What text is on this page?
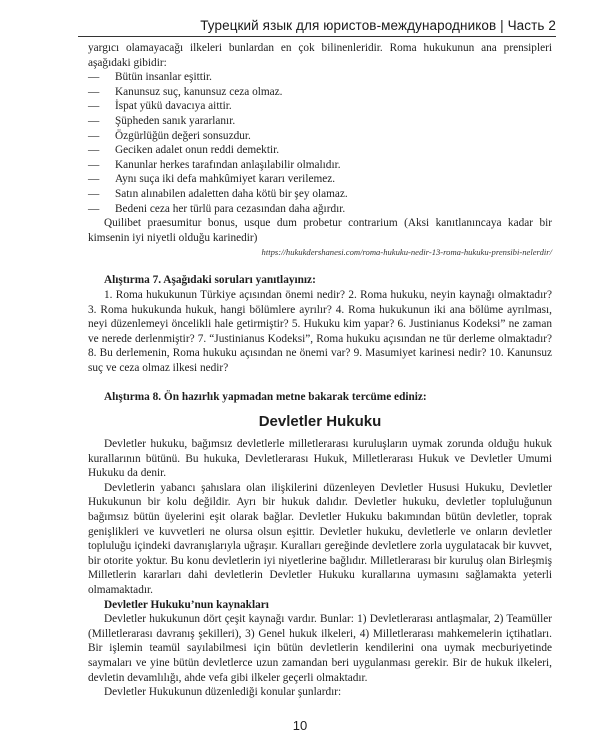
Турецкий язык для юристов-международников | Часть 2

yargıcı olamayacağı ilkeleri bunlardan en çok bilinenleridir. Roma hukukunun ana prensipleri aşağıdaki gibidir:

— Bütün insanlar eşittir.
— Kanunsuz suç, kanunsuz ceza olmaz.
— İspat yükü davacıya aittir.
— Şüpheden sanık yararlanır.
— Özgürlüğün değeri sonsuzdur.
— Geciken adalet onun reddi demektir.
— Kanunlar herkes tarafından anlaşılabilir olmalıdır.
— Aynı suça iki defa mahkûmiyet kararı verilemez.
— Satın alınabilen adaletten daha kötü bir şey olamaz.
— Bedeni ceza her türlü para cezasından daha ağırdır.

Quilibet praesumitur bonus, usque dum probetur contrarium (Aksi kanıtlanıncaya kadar bir kimsenin iyi niyetli olduğu karinedir)

https://hukukdershanesi.com/roma-hukuku-nedir-13-roma-hukuku-prensibi-nelerdir/

Alıştırma 7. Aşağıdaki soruları yanıtlayınız:

1. Roma hukukunun Türkiye açısından önemi nedir? 2. Roma hukuku, neyin kaynağı olmaktadır? 3. Roma hukukunda hukuk, hangi bölümlere ayrılır? 4. Roma hukukunun iki ana bölüme ayrılması, neyi düzenlemeyi öncelikli hale getirmiştir? 5. Hukuku kim yapar? 6. Justinianus Kodeksi” ne zaman ve nerede derlenmiştir? 7. “Justinianus Kodeksi”, Roma hukuku açısından ne tür derleme olmaktadır? 8. Bu derlemenin, Roma hukuku açısından ne önemi var? 9. Masumiyet karinesi nedir? 10. Kanunsuz suç ve ceza olmaz ilkesi nedir?

Alıştırma 8. Ön hazırlık yapmadan metne bakarak tercüme ediniz:

Devletler Hukuku

Devletler hukuku, bağımsız devletlerle milletlerarası kuruluşların uymak zorunda olduğu hukuk kurallarının bütünü. Bu hukuka, Devletlerarası Hukuk, Milletlerarası Hukuk ve Devletler Umumi Hukuku da denir.

Devletlerin yabancı şahıslara olan ilişkilerini düzenleyen Devletler Hususi Hukuku, Devletler Hukukunun bir kolu değildir. Ayrı bir hukuk dalıdır. Devletler hukuku, devletler topluluğunun bağımsız bütün üyelerini eşit olarak bağlar. Devletler Hukuku bakımından bütün devletler, toprak genişlikleri ve kuvvetleri ne olursa olsun eşittir. Devletler hukuku, devletlerle ve onların devletler topluluğu içindeki davranışlarıyla uğraşır. Kuralları gereğinde devletlere zorla uygulatacak bir kuvvet, bir otorite yoktur. Bu konu devletlerin iyi niyetlerine bağlıdır. Milletlerarası bir kuruluş olan Birleşmiş Milletlerin kararları dahi devletlerin Devletler Hukuku kurallarına uymasını sağlamakta yeterli olmamaktadır.

Devletler Hukuku’nun kaynakları

Devletler hukukunun dört çeşit kaynağı vardır. Bunlar: 1) Devletlerarası antlaşmalar, 2) Teamüller (Milletlerarası davranış şekilleri), 3) Genel hukuk ilkeleri, 4) Milletlerarası mahkemelerin içtihatları. Bir işlemin teamül sayılabilmesi için bütün devletlerin kendilerini ona uymak mecburiyetinde saymaları ve yine bütün devletlerce uzun zamandan beri uygulanması gerekir. Bir de hukuk ilkeleri, devletin devamlılığı, ahde vefa gibi ilkeler geçerli olmaktadır.

Devletler Hukukunun düzenlediği konular şunlardır:

10
